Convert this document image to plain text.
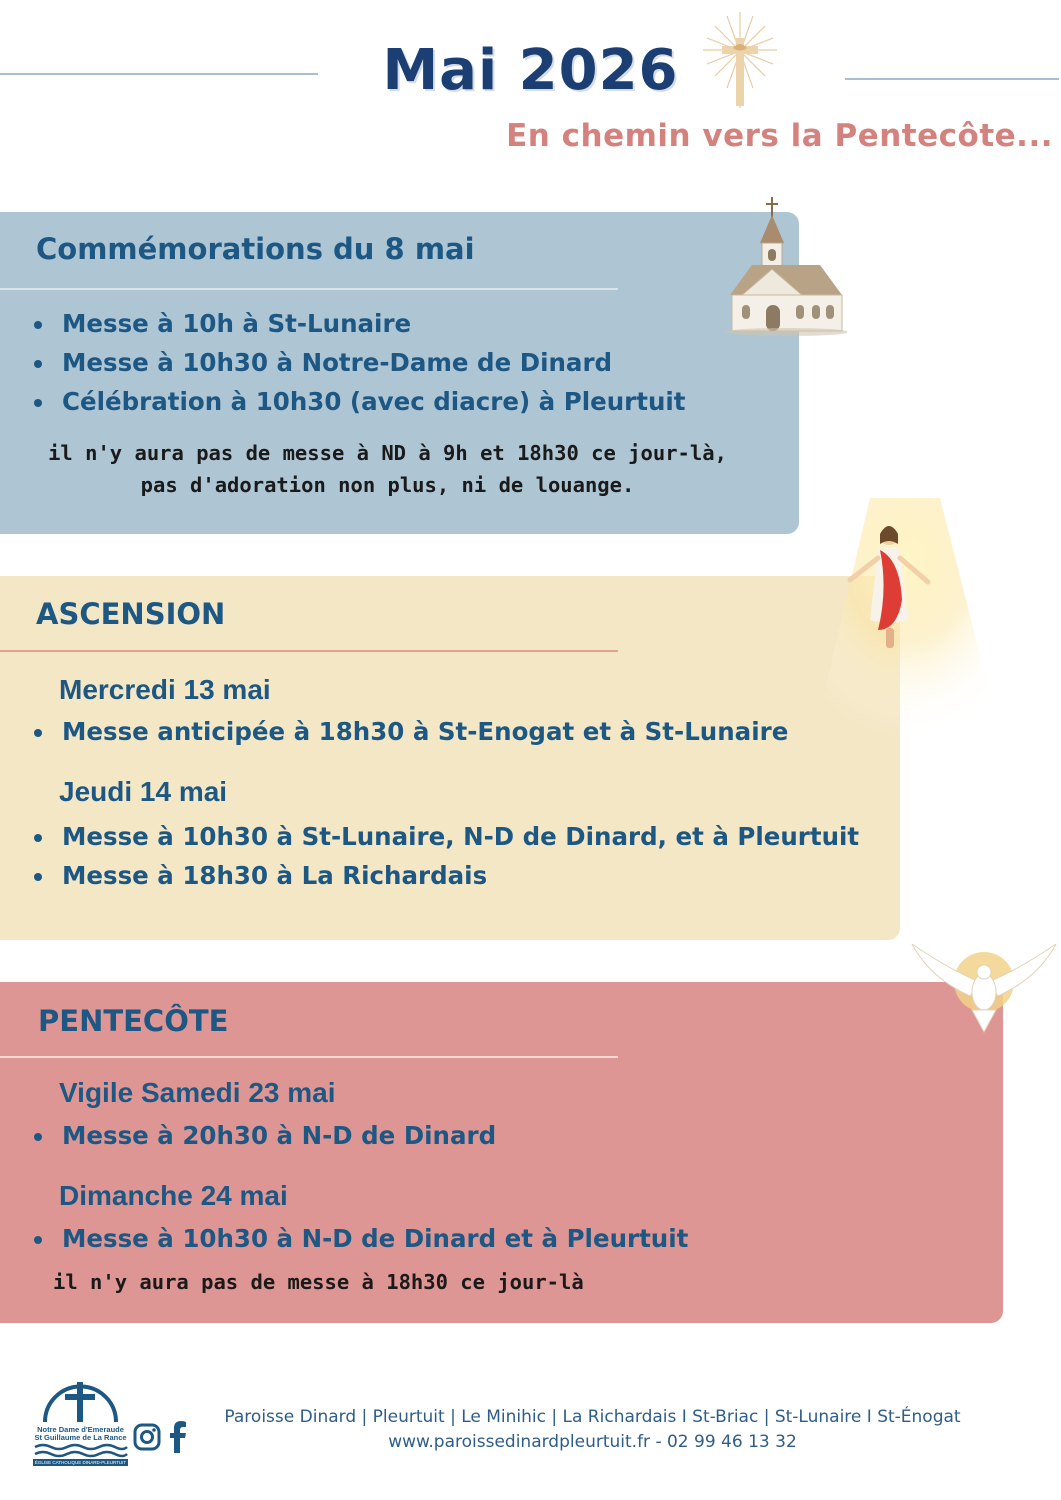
Mai 2026
En chemin vers la Pentecôte...
Commémorations du 8 mai
Messe à 10h à St-Lunaire
Messe à 10h30 à Notre-Dame de Dinard
Célébration à 10h30 (avec diacre) à Pleurtuit
il n'y aura pas de messe à ND à 9h et 18h30 ce jour-là,
pas d'adoration non plus, ni de louange.
ASCENSION
Mercredi 13 mai
Messe anticipée à 18h30 à St-Enogat et à St-Lunaire
Jeudi 14 mai
Messe à 10h30 à St-Lunaire, N-D de Dinard, et à Pleurtuit
Messe à 18h30 à La Richardais
PENTECÔTE
Vigile Samedi 23 mai
Messe à 20h30 à N-D de Dinard
Dimanche 24 mai
Messe à 10h30 à N-D de Dinard et à Pleurtuit
il n'y aura pas de messe à 18h30 ce jour-là
Notre Dame d'Emeraude
St Guillaume de La Rance
ÉGLISE CATHOLIQUE DINARD-PLEURTUIT
Paroisse Dinard | Pleurtuit | Le Minihic | La Richardais I St-Briac | St-Lunaire I St-Énogat
www.paroissedinardpleurtuit.fr - 02 99 46 13 32
